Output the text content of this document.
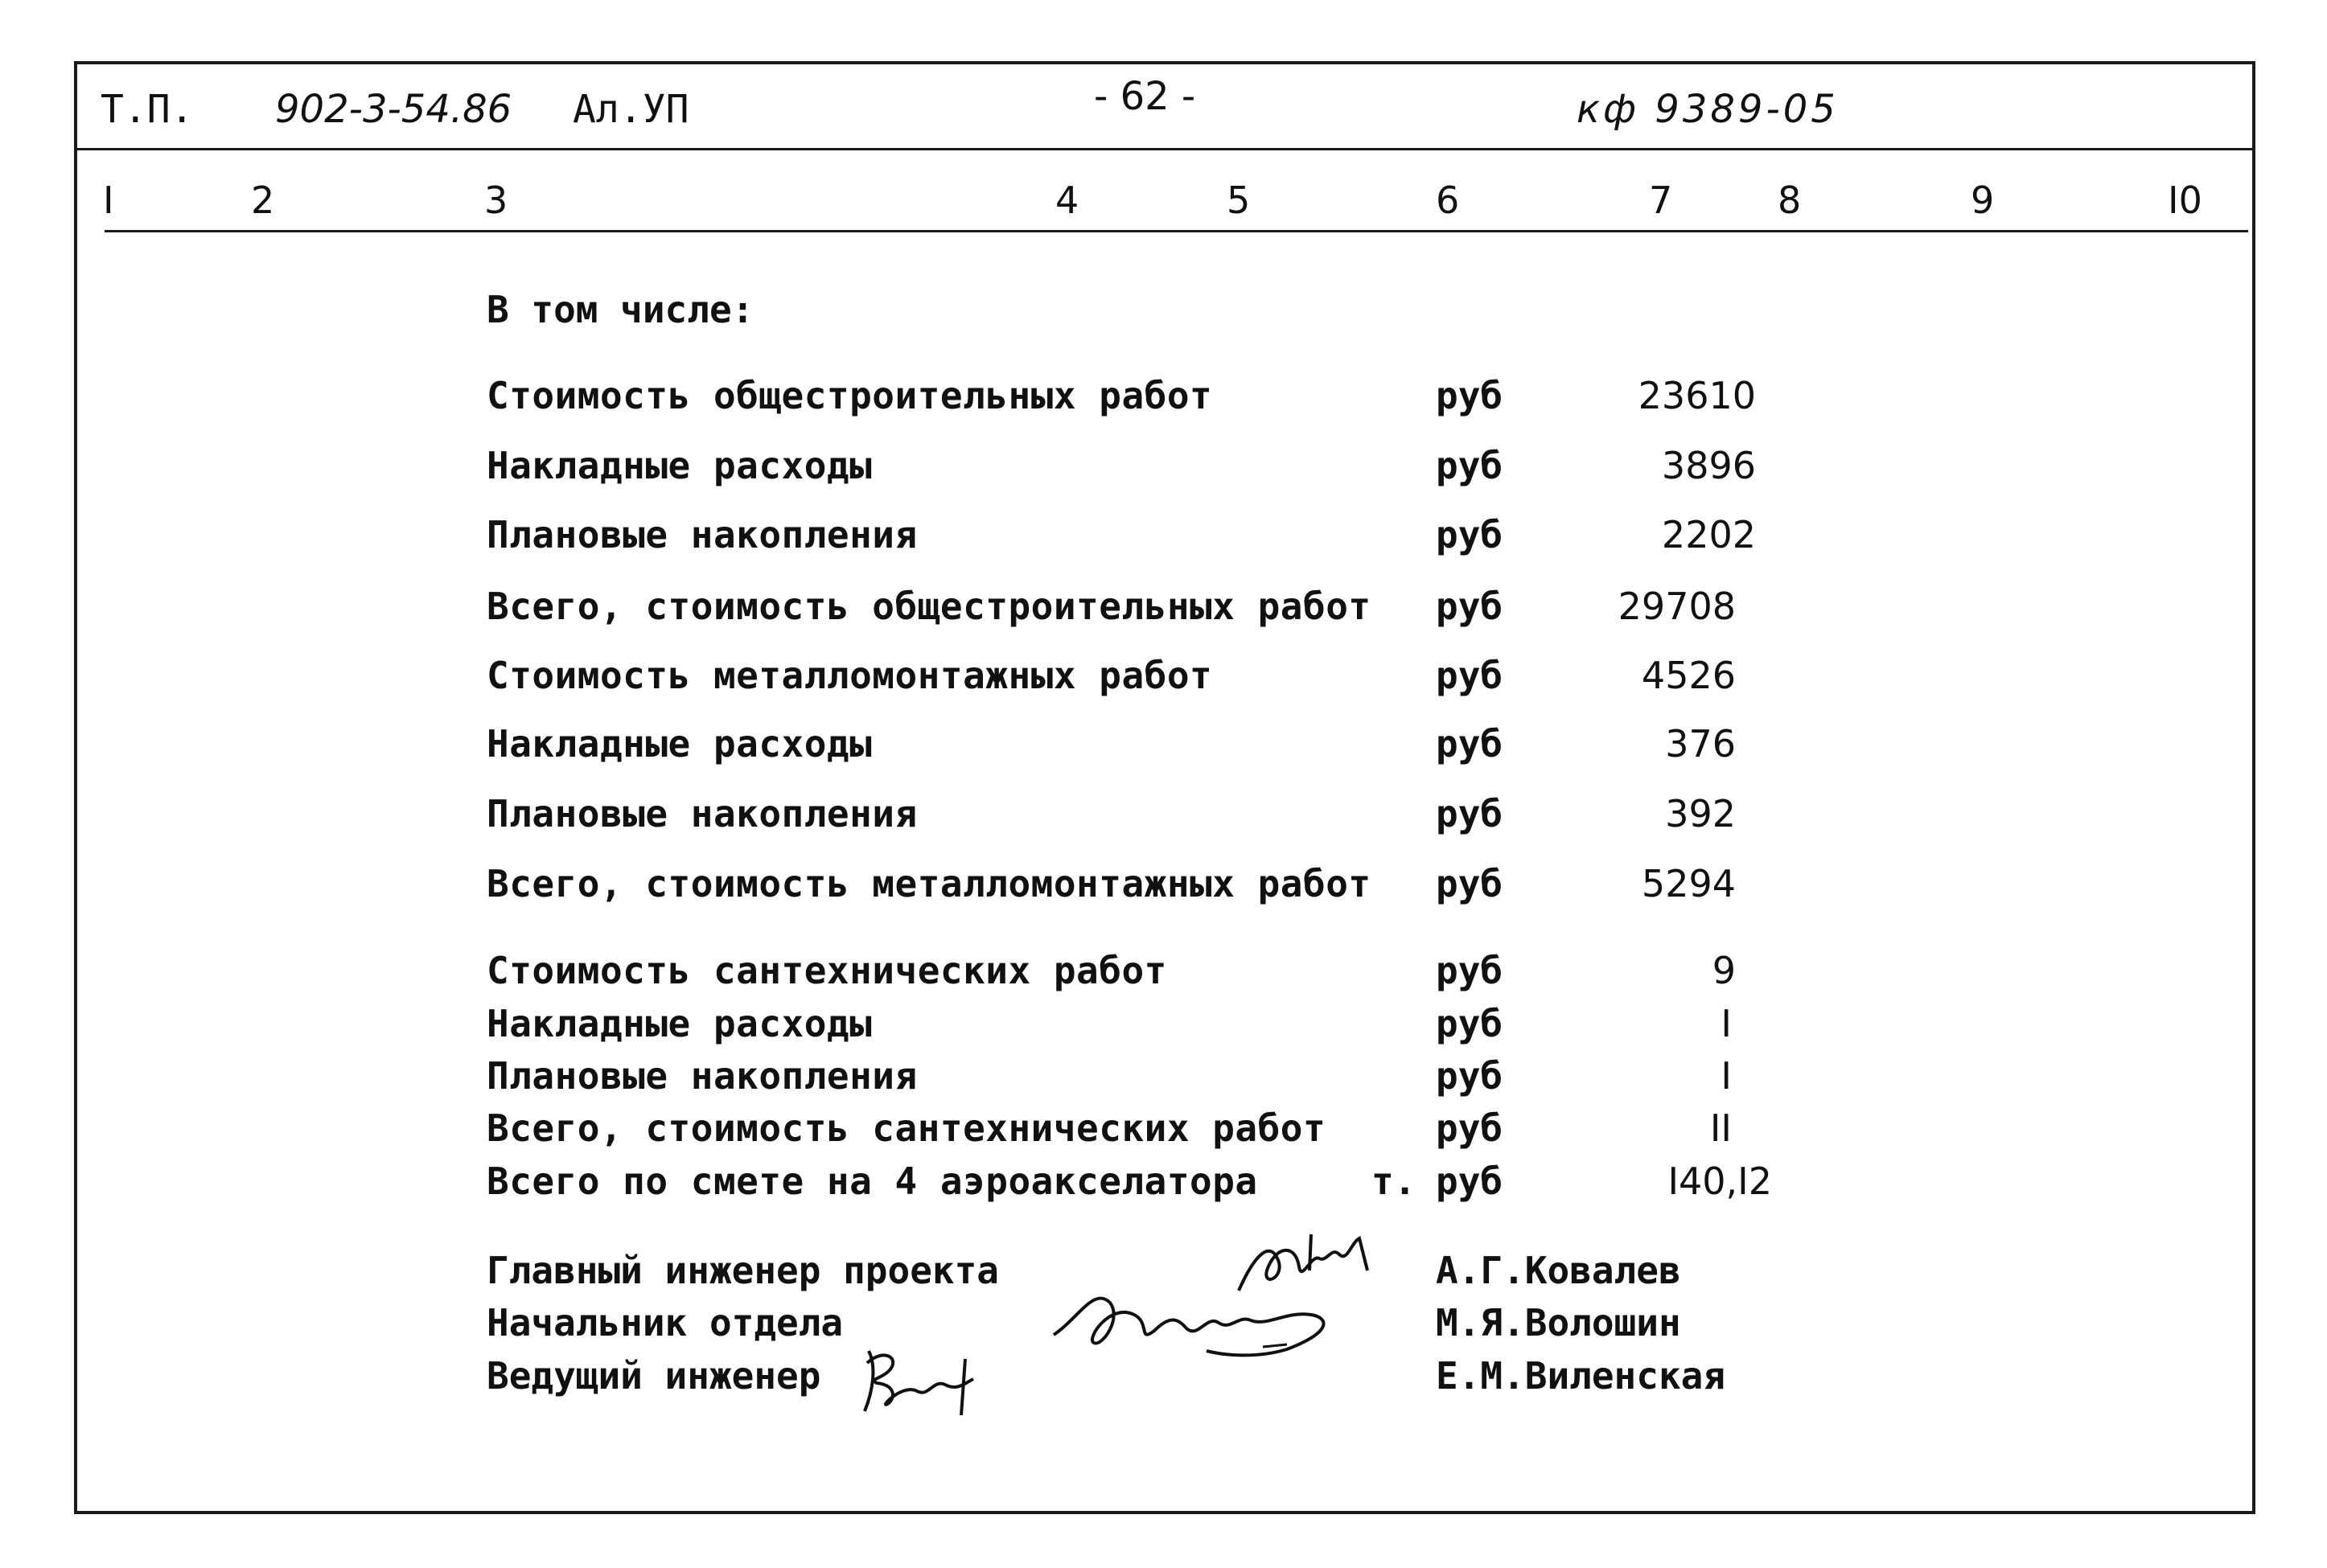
Т.П. 902-3-54.86 Ал.УП	- 62 -	кф 9389-05
I	2	3	4	5	6	7	8	9	I0
В том числе:
Стоимость общестроительных работ	руб	23610
Накладные расходы	руб	3896
Плановые накопления	руб	2202
Всего, стоимость общестроительных работ руб	29708
Стоимость металломонтажных работ	руб	4526
Накладные расходы	руб	376
Плановые накопления	руб	392
Всего, стоимость металломонтажных работ руб	5294
Стоимость сантехнических работ	руб	9
Накладные расходы	руб	I
Плановые накопления	руб	I
Всего, стоимость сантехнических работ	руб	II
Всего по смете на 4 аэроакселатора	т. руб	I40,I2
Главный инженер проекта	А.Г.Ковалев
Начальник отдела	М.Я.Волошин
Ведущий инженер	Е.М.Виленская
